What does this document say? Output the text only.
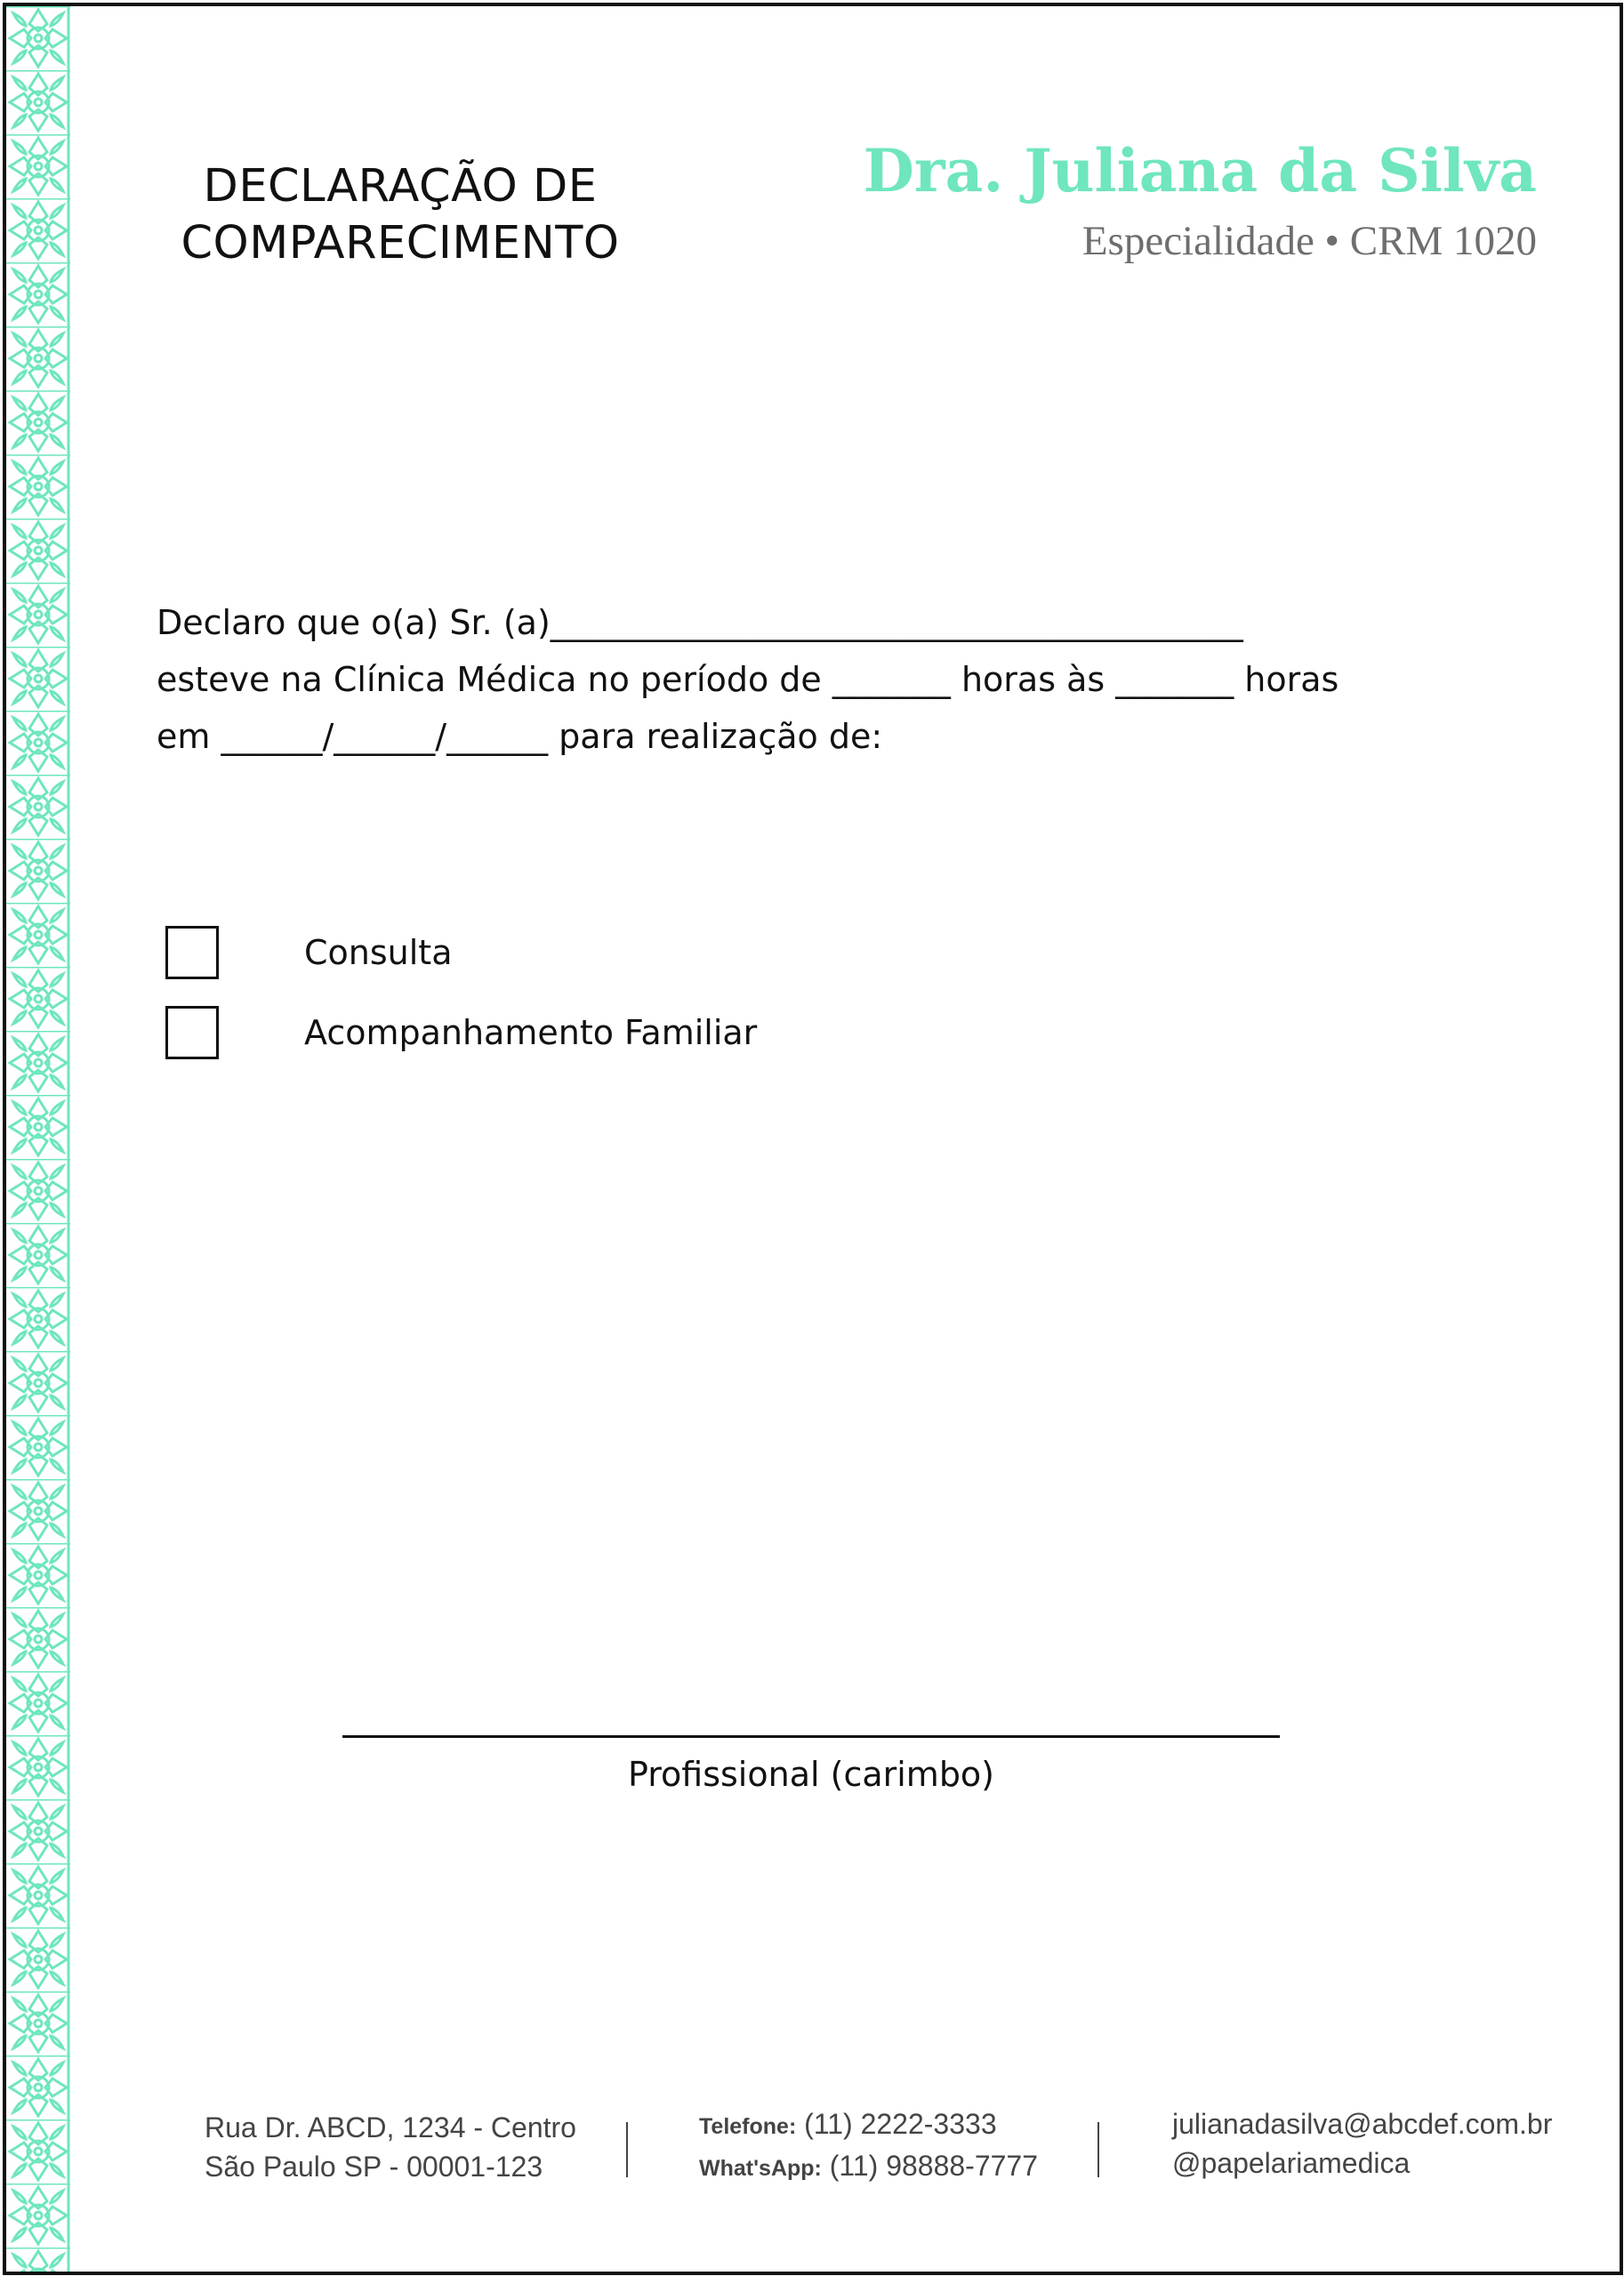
DECLARAÇÃO DE
COMPARECIMENTO
Dra. Juliana da Silva
Especialidade • CRM 1020
Declaro que o(a) Sr. (a)_________________________________________
esteve na Clínica Médica no período de _______ horas às _______ horas
em ______/______/______ para realização de:
Consulta
Acompanhamento Familiar
Profissional (carimbo)
Rua Dr. ABCD, 1234 - Centro
São Paulo SP - 00001-123
Telefone: (11) 2222-3333
What'sApp: (11) 98888-7777
julianadasilva@abcdef.com.br
@papelariamedica
